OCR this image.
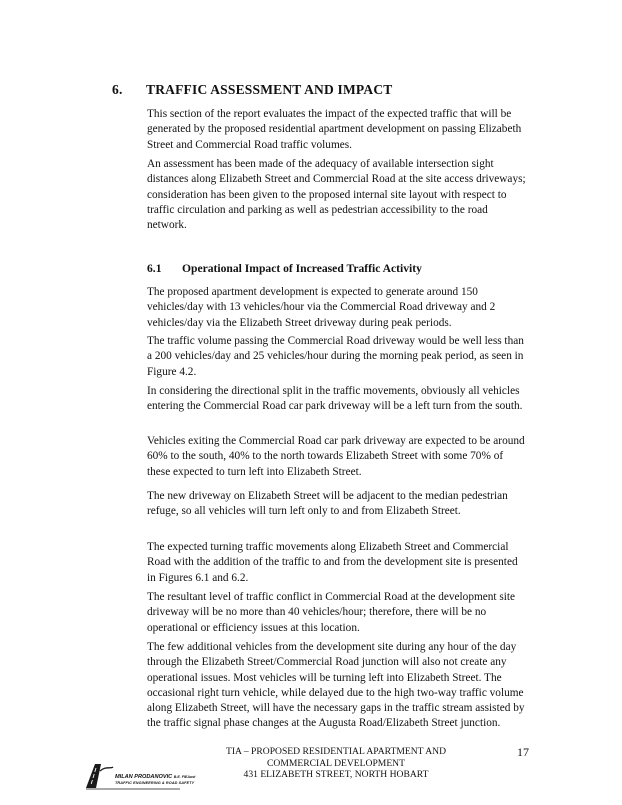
6. TRAFFIC ASSESSMENT AND IMPACT

This section of the report evaluates the impact of the expected traffic that will be generated by the proposed residential apartment development on passing Elizabeth Street and Commercial Road traffic volumes.

An assessment has been made of the adequacy of available intersection sight distances along Elizabeth Street and Commercial Road at the site access driveways; consideration has been given to the proposed internal site layout with respect to traffic circulation and parking as well as pedestrian accessibility to the road network.

6.1 Operational Impact of Increased Traffic Activity

The proposed apartment development is expected to generate around 150 vehicles/day with 13 vehicles/hour via the Commercial Road driveway and 2 vehicles/day via the Elizabeth Street driveway during peak periods.

The traffic volume passing the Commercial Road driveway would be well less than a 200 vehicles/day and 25 vehicles/hour during the morning peak period, as seen in Figure 4.2.

In considering the directional split in the traffic movements, obviously all vehicles entering the Commercial Road car park driveway will be a left turn from the south.

Vehicles exiting the Commercial Road car park driveway are expected to be around 60% to the south, 40% to the north towards Elizabeth Street with some 70% of these expected to turn left into Elizabeth Street.

The new driveway on Elizabeth Street will be adjacent to the median pedestrian refuge, so all vehicles will turn left only to and from Elizabeth Street.

The expected turning traffic movements along Elizabeth Street and Commercial Road with the addition of the traffic to and from the development site is presented in Figures 6.1 and 6.2.

The resultant level of traffic conflict in Commercial Road at the development site driveway will be no more than 40 vehicles/hour; therefore, there will be no operational or efficiency issues at this location.

The few additional vehicles from the development site during any hour of the day through the Elizabeth Street/Commercial Road junction will also not create any operational issues. Most vehicles will be turning left into Elizabeth Street. The occasional right turn vehicle, while delayed due to the high two-way traffic volume along Elizabeth Street, will have the necessary gaps in the traffic stream assisted by the traffic signal phase changes at the Augusta Road/Elizabeth Street junction.

MILAN PRODANOVIC B.E. FIEAust
TRAFFIC ENGINEERING & ROAD SAFETY
TIA – PROPOSED RESIDENTIAL APARTMENT AND
COMMERCIAL DEVELOPMENT
431 ELIZABETH STREET, NORTH HOBART
17
